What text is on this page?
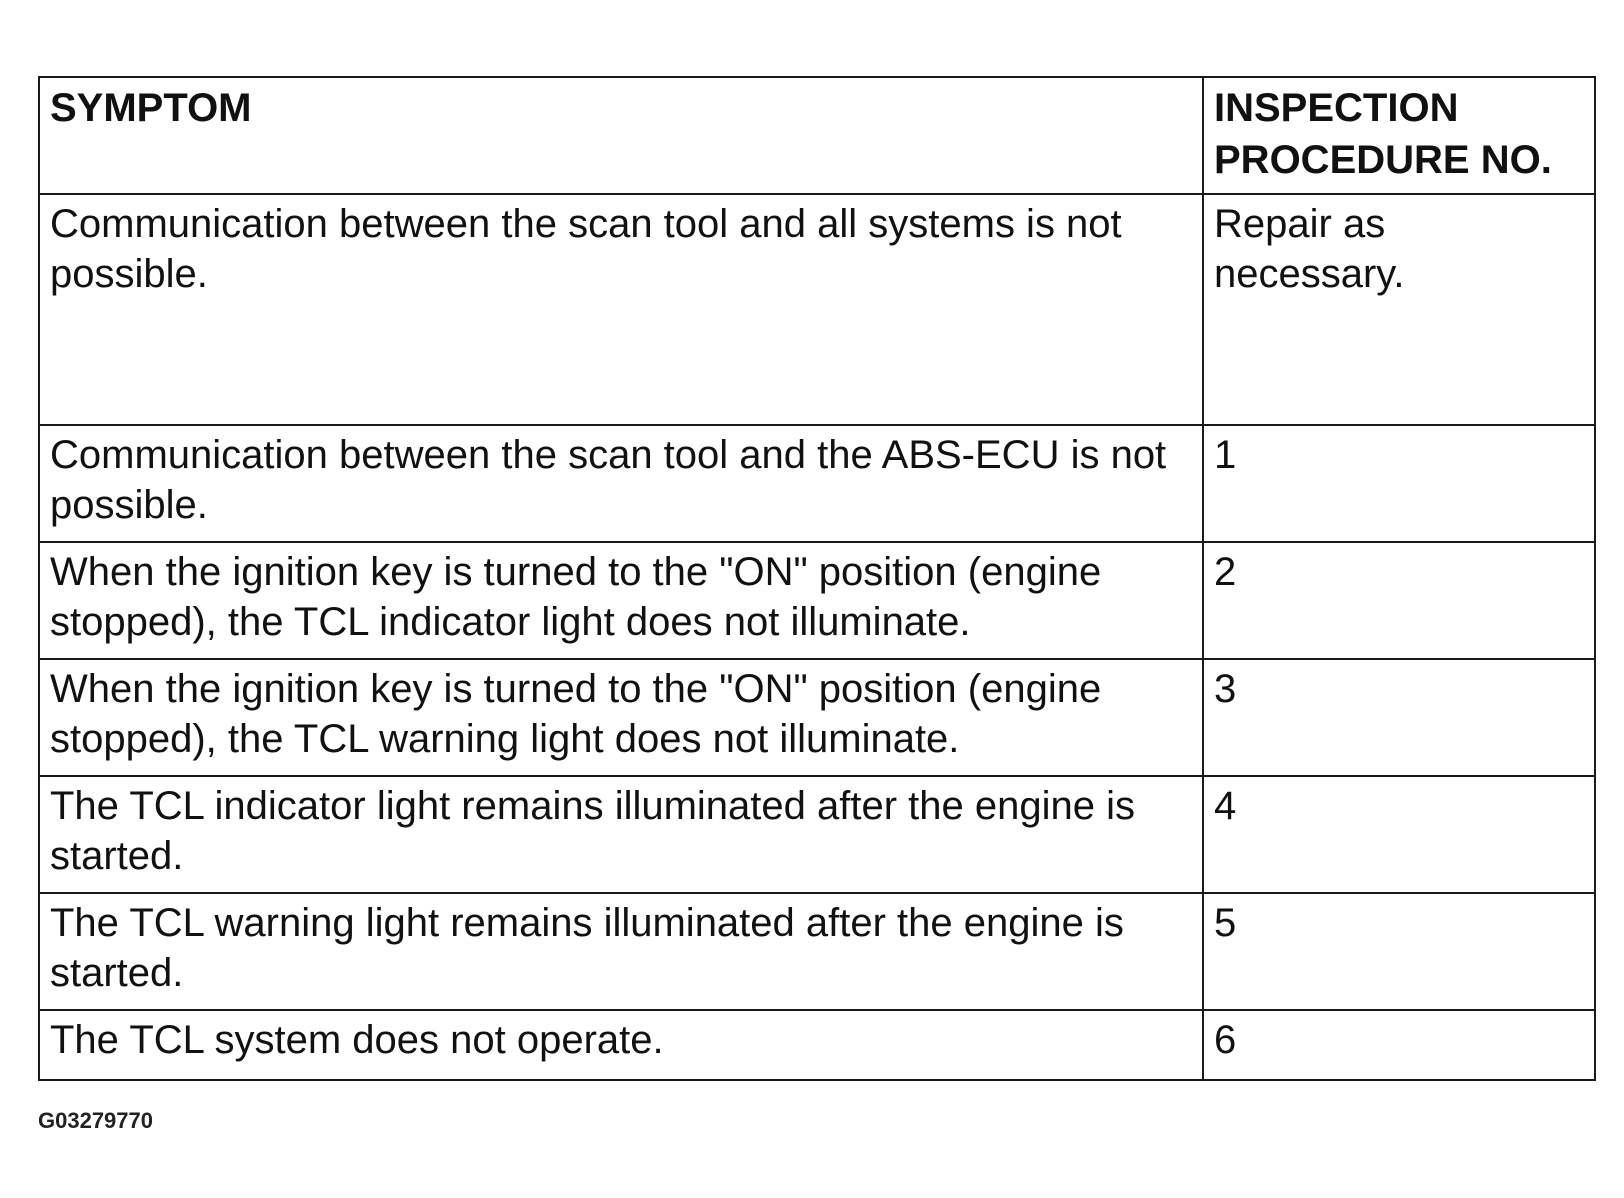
SYMPTOM	INSPECTION PROCEDURE NO.
Communication between the scan tool and all systems is not possible.	Repair as necessary.
Communication between the scan tool and the ABS-ECU is not possible.	1
When the ignition key is turned to the "ON" position (engine stopped), the TCL indicator light does not illuminate.	2
When the ignition key is turned to the "ON" position (engine stopped), the TCL warning light does not illuminate.	3
The TCL indicator light remains illuminated after the engine is started.	4
The TCL warning light remains illuminated after the engine is started.	5
The TCL system does not operate.	6
G03279770
